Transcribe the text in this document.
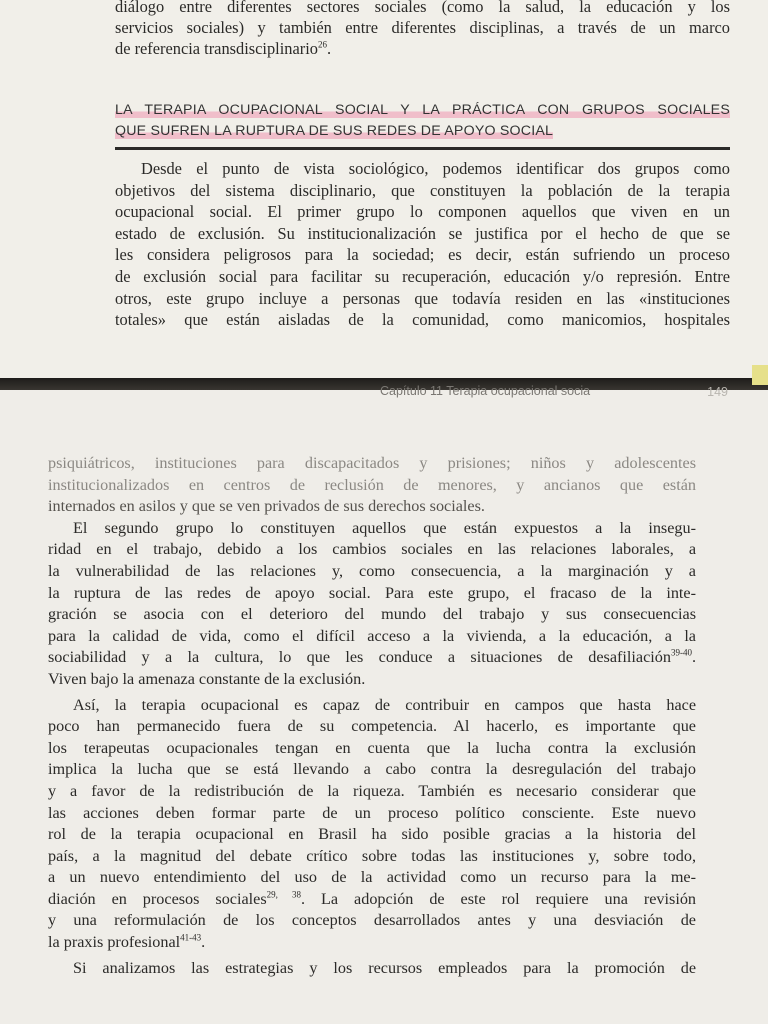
diálogo entre diferentes sectores sociales (como la salud, la educación y los
servicios sociales) y también entre diferentes disciplinas, a través de un marco
de referencia transdisciplinario$^{26}$.
LA TERAPIA OCUPACIONAL SOCIAL Y LA PRÁCTICA CON GRUPOS SOCIALES
QUE SUFREN LA RUPTURA DE SUS REDES DE APOYO SOCIAL
Desde el punto de vista sociológico, podemos identificar dos grupos como
objetivos del sistema disciplinario, que constituyen la población de la terapia
ocupacional social. El primer grupo lo componen aquellos que viven en un
estado de exclusión. Su institucionalización se justifica por el hecho de que se
les considera peligrosos para la sociedad; es decir, están sufriendo un proceso
de exclusión social para facilitar su recuperación, educación y/o represión. Entre
otros, este grupo incluye a personas que todavía residen en las «instituciones
totales» que están aisladas de la comunidad, como manicomios, hospitales
Capítulo 11 Terapia ocupacional socia	149
psiquiátricos, instituciones para discapacitados y prisiones; niños y adolescentes
institucionalizados en centros de reclusión de menores, y ancianos que están
internados en asilos y que se ven privados de sus derechos sociales.
El segundo grupo lo constituyen aquellos que están expuestos a la insegu-
ridad en el trabajo, debido a los cambios sociales en las relaciones laborales, a
la vulnerabilidad de las relaciones y, como consecuencia, a la marginación y a
la ruptura de las redes de apoyo social. Para este grupo, el fracaso de la inte-
gración se asocia con el deterioro del mundo del trabajo y sus consecuencias
para la calidad de vida, como el difícil acceso a la vivienda, a la educación, a la
sociabilidad y a la cultura, lo que les conduce a situaciones de desafiliación$^{39-40}$.
Viven bajo la amenaza constante de la exclusión.
Así, la terapia ocupacional es capaz de contribuir en campos que hasta hace
poco han permanecido fuera de su competencia. Al hacerlo, es importante que
los terapeutas ocupacionales tengan en cuenta que la lucha contra la exclusión
implica la lucha que se está llevando a cabo contra la desregulación del trabajo
y a favor de la redistribución de la riqueza. También es necesario considerar que
las acciones deben formar parte de un proceso político consciente. Este nuevo
rol de la terapia ocupacional en Brasil ha sido posible gracias a la historia del
país, a la magnitud del debate crítico sobre todas las instituciones y, sobre todo,
a un nuevo entendimiento del uso de la actividad como un recurso para la me-
diación en procesos sociales$^{29, 38}$. La adopción de este rol requiere una revisión
y una reformulación de los conceptos desarrollados antes y una desviación de
la praxis profesional$^{41-43}$.
Si analizamos las estrategias y los recursos empleados para la promoción de
